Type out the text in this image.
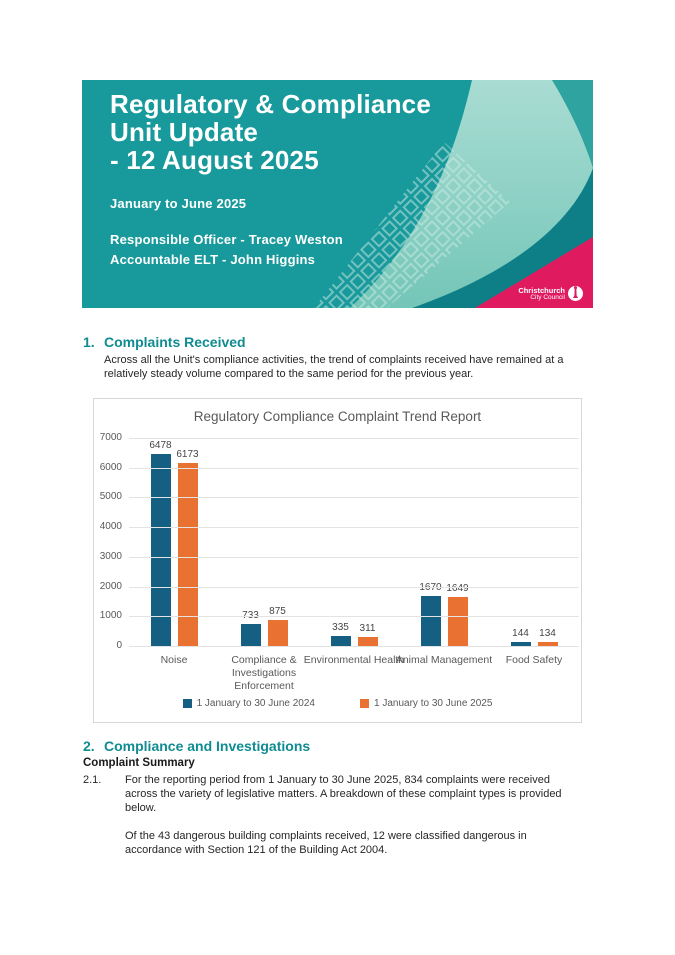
Regulatory & Compliance
Unit Update
- 12 August 2025
January to June 2025
Responsible Officer - Tracey Weston
Accountable ELT - John Higgins
Christchurch
City Council
1. Complaints Received
Across all the Unit's compliance activities, the trend of complaints received have remained at a relatively steady volume compared to the same period for the previous year.
Regulatory Compliance Complaint Trend Report
0
1000
2000
3000
4000
5000
6000
7000
6478
6173
733	875
335	311
1670 1649
144	134
Noise	Compliance & Investigations Enforcement
Environmental Health
Animal Management	Food Safety
1 January to 30 June 2024	1 January to 30 June 2025
2. Compliance and Investigations
Complaint Summary
2.1.	For the reporting period from 1 January to 30 June 2025, 834 complaints were received across the variety of legislative matters. A breakdown of these complaint types is provided below.
Of the 43 dangerous building complaints received, 12 were classified dangerous in accordance with Section 121 of the Building Act 2004.
